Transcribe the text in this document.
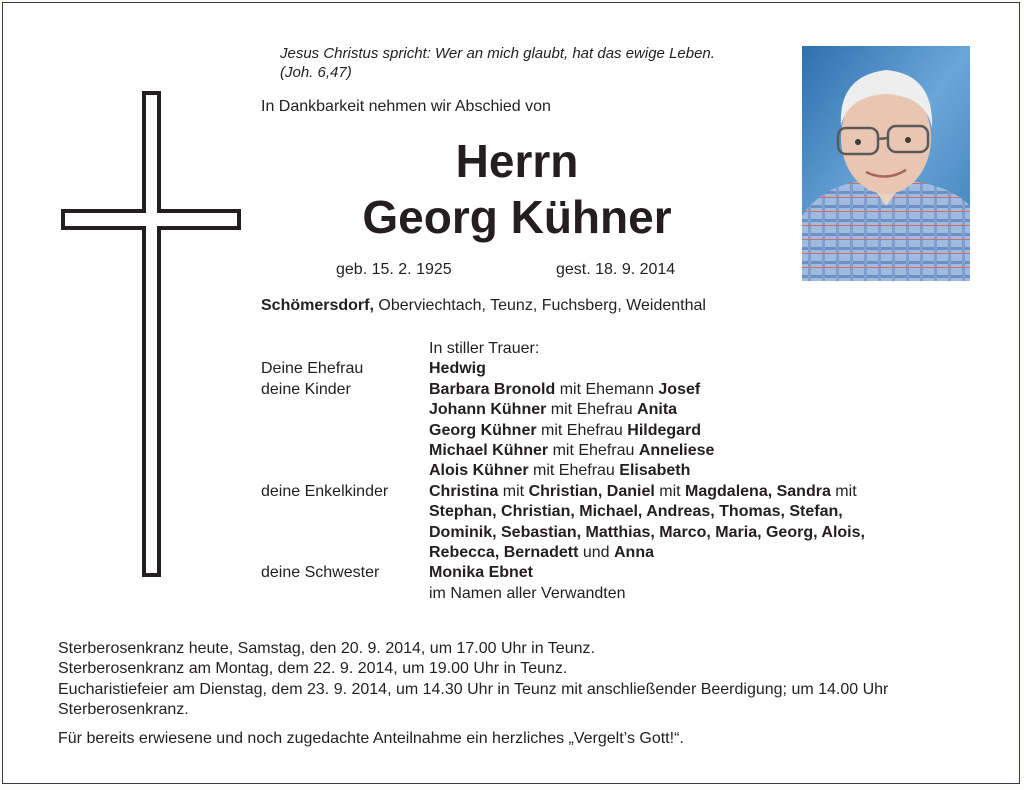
Jesus Christus spricht: Wer an mich glaubt, hat das ewige Leben.
(Joh. 6,47)
In Dankbarkeit nehmen wir Abschied von
Herrn
Georg Kühner
geb. 15. 2. 1925	gest. 18. 9. 2014
Schömersdorf, Oberviechtach, Teunz, Fuchsberg, Weidenthal
In stiller Trauer:
Deine Ehefrau	Hedwig
deine Kinder	Barbara Bronold mit Ehemann Josef
Johann Kühner mit Ehefrau Anita
Georg Kühner mit Ehefrau Hildegard
Michael Kühner mit Ehefrau Anneliese
Alois Kühner mit Ehefrau Elisabeth
deine Enkelkinder	Christina mit Christian, Daniel mit Magdalena, Sandra mit
Stephan, Christian, Michael, Andreas, Thomas, Stefan,
Dominik, Sebastian, Matthias, Marco, Maria, Georg, Alois,
Rebecca, Bernadett und Anna
deine Schwester	Monika Ebnet
im Namen aller Verwandten

Sterberosenkranz heute, Samstag, den 20. 9. 2014, um 17.00 Uhr in Teunz.

Sterberosenkranz am Montag, dem 22. 9. 2014, um 19.00 Uhr in Teunz.

Eucharistiefeier am Dienstag, dem 23. 9. 2014, um 14.30 Uhr in Teunz mit anschließender Beerdigung; um 14.00 Uhr Sterberosenkranz.

Für bereits erwiesene und noch zugedachte Anteilnahme ein herzliches „Vergelt’s Gott!“.
